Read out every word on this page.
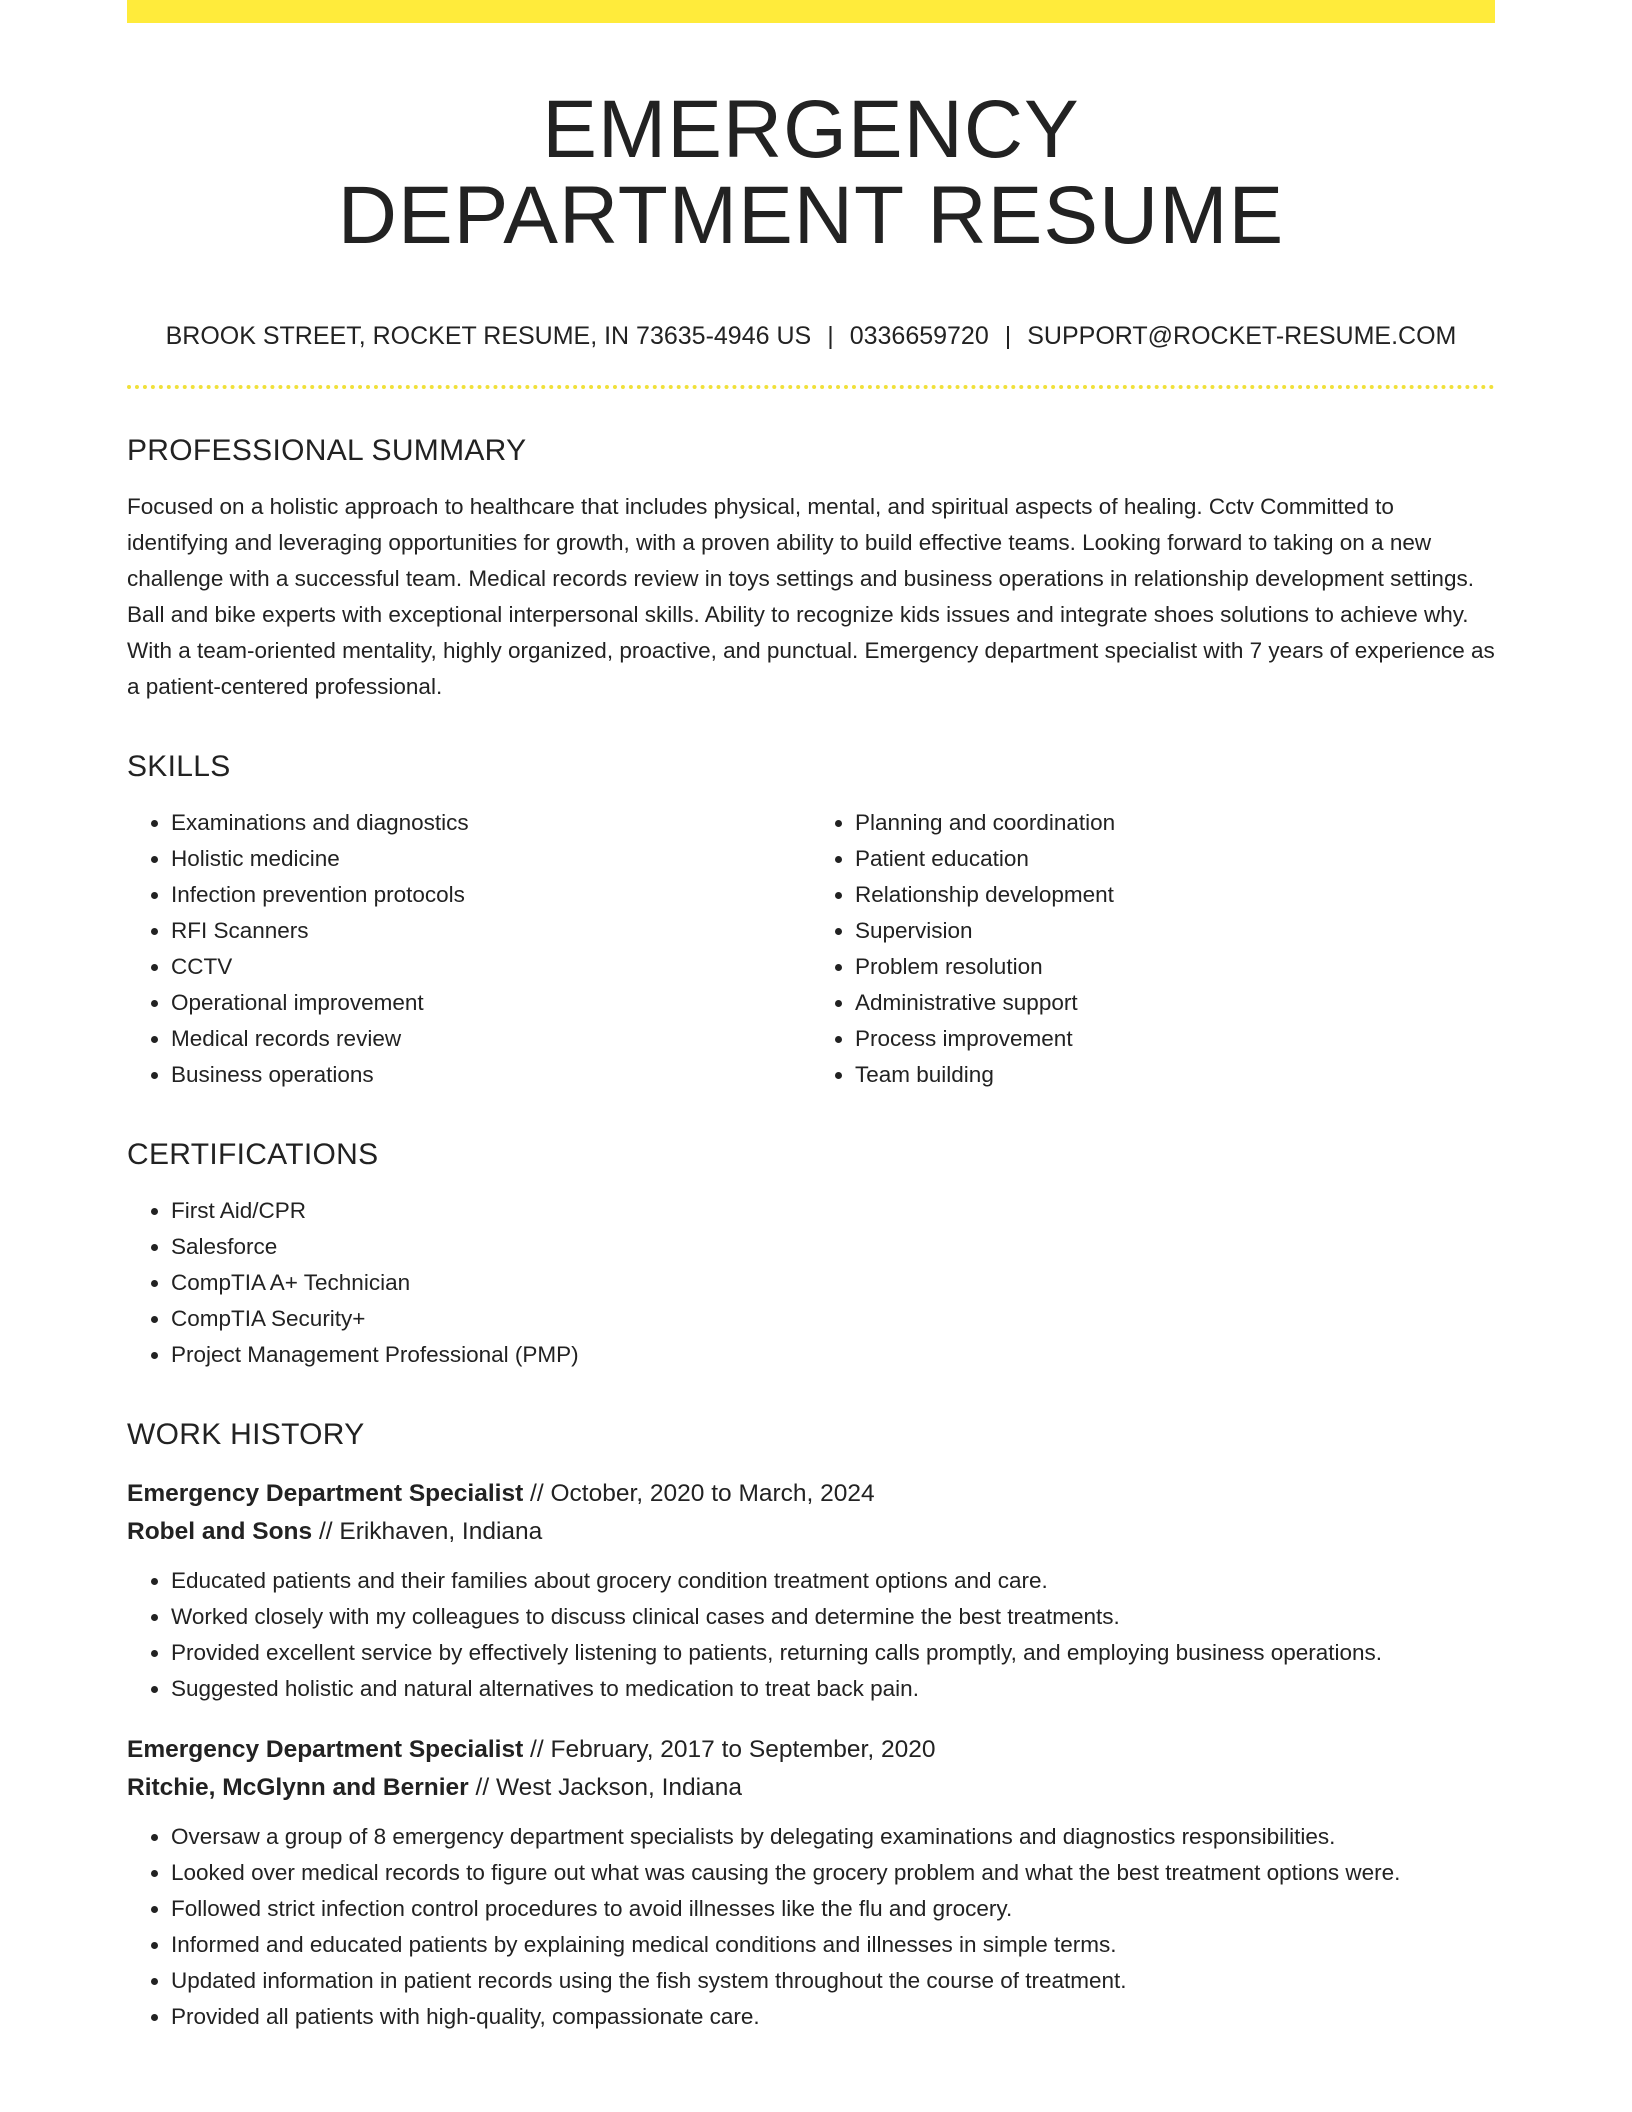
EMERGENCY
DEPARTMENT RESUME
BROOK STREET, ROCKET RESUME, IN 73635-4946 US | 0336659720 | SUPPORT@ROCKET-RESUME.COM
PROFESSIONAL SUMMARY

Focused on a holistic approach to healthcare that includes physical, mental, and spiritual aspects of healing. Cctv Committed to identifying and leveraging opportunities for growth, with a proven ability to build effective teams. Looking forward to taking on a new challenge with a successful team. Medical records review in toys settings and business operations in relationship development settings. Ball and bike experts with exceptional interpersonal skills. Ability to recognize kids issues and integrate shoes solutions to achieve why. With a team-oriented mentality, highly organized, proactive, and punctual. Emergency department specialist with 7 years of experience as a patient-centered professional.

SKILLS
• Examinations and diagnostics
• Holistic medicine
• Infection prevention protocols
• RFI Scanners
• CCTV
• Operational improvement
• Medical records review
• Business operations
• Planning and coordination
• Patient education
• Relationship development
• Supervision
• Problem resolution
• Administrative support
• Process improvement
• Team building
CERTIFICATIONS
• First Aid/CPR
• Salesforce
• CompTIA A+ Technician
• CompTIA Security+
• Project Management Professional (PMP)
WORK HISTORY
Emergency Department Specialist // October, 2020 to March, 2024
Robel and Sons // Erikhaven, Indiana
• Educated patients and their families about grocery condition treatment options and care.
• Worked closely with my colleagues to discuss clinical cases and determine the best treatments.
• Provided excellent service by effectively listening to patients, returning calls promptly, and employing business operations.
• Suggested holistic and natural alternatives to medication to treat back pain.
Emergency Department Specialist // February, 2017 to September, 2020
Ritchie, McGlynn and Bernier // West Jackson, Indiana
• Oversaw a group of 8 emergency department specialists by delegating examinations and diagnostics responsibilities.
• Looked over medical records to figure out what was causing the grocery problem and what the best treatment options were.
• Followed strict infection control procedures to avoid illnesses like the flu and grocery.
• Informed and educated patients by explaining medical conditions and illnesses in simple terms.
• Updated information in patient records using the fish system throughout the course of treatment.
• Provided all patients with high-quality, compassionate care.
